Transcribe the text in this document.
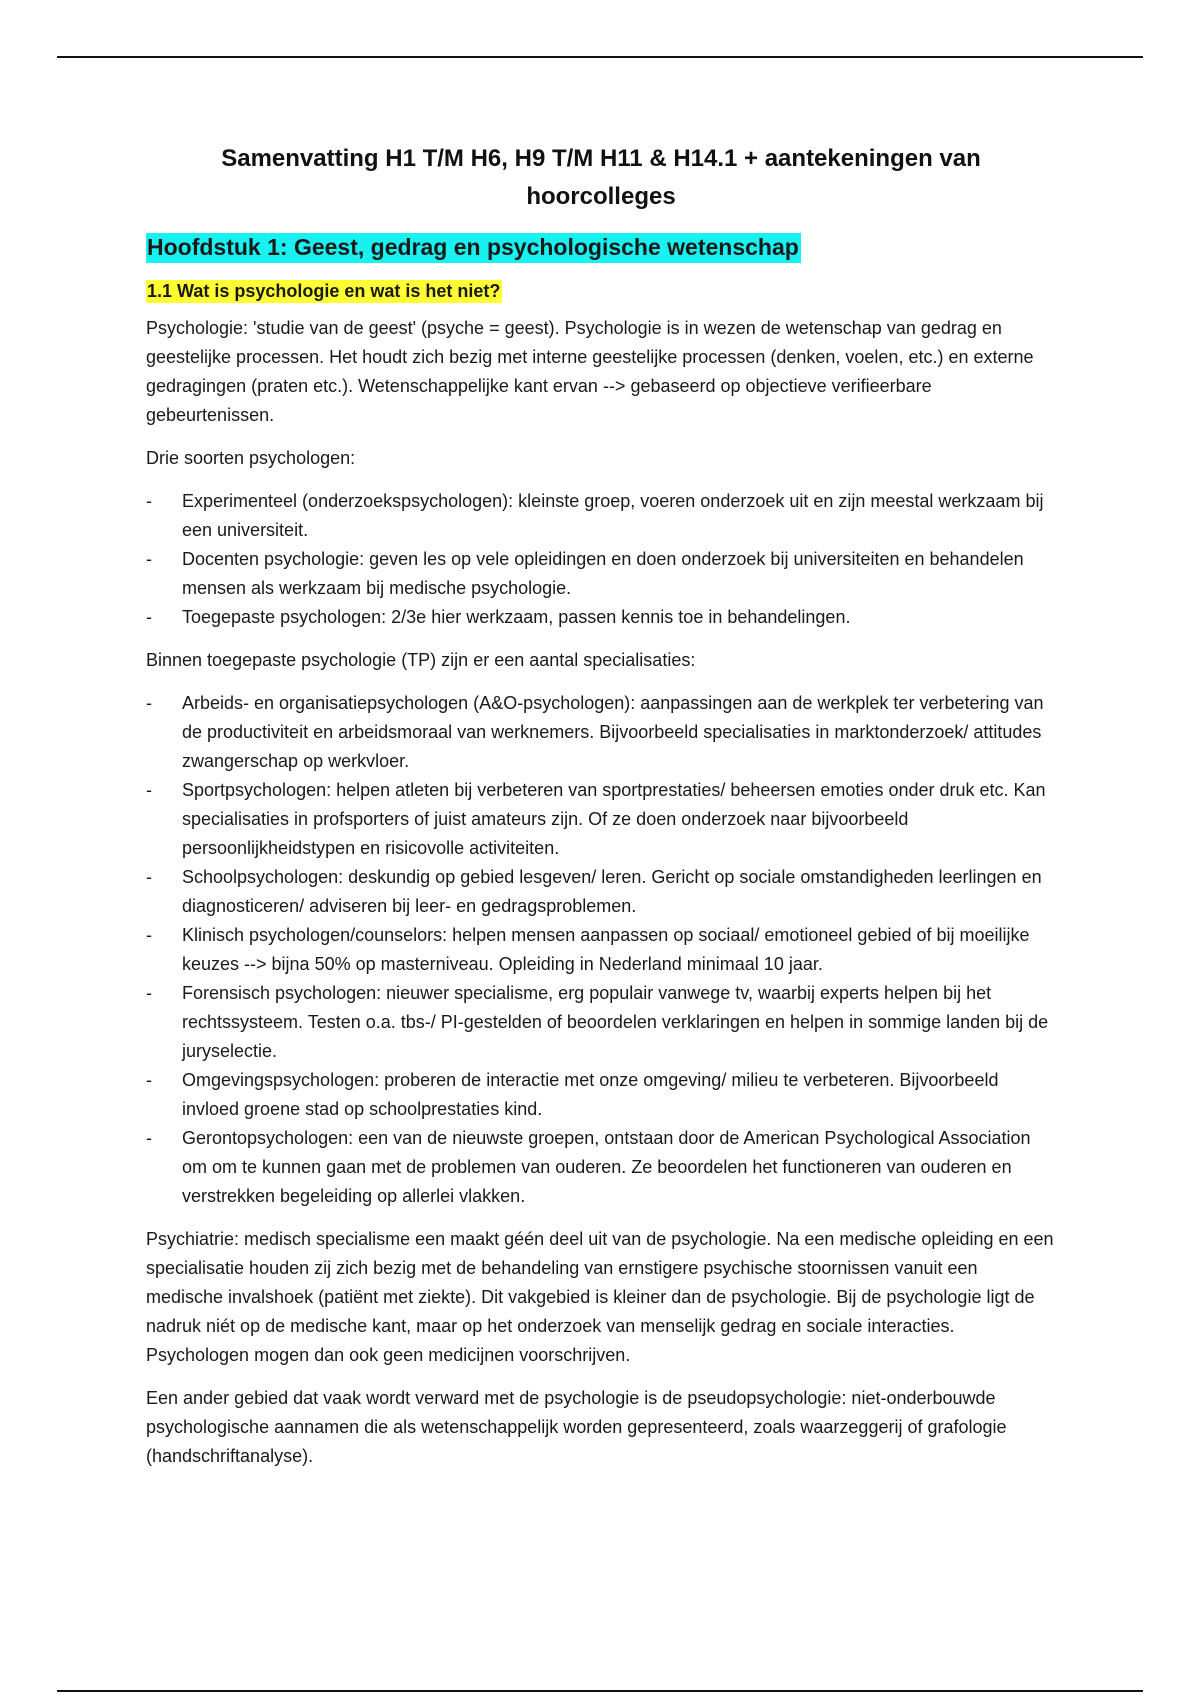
Samenvatting H1 T/M H6, H9 T/M H11 & H14.1 + aantekeningen van hoorcolleges
Hoofdstuk 1: Geest, gedrag en psychologische wetenschap
1.1 Wat is psychologie en wat is het niet?

Psychologie: 'studie van de geest' (psyche = geest). Psychologie is in wezen de wetenschap van gedrag en geestelijke processen. Het houdt zich bezig met interne geestelijke processen (denken, voelen, etc.) en externe gedragingen (praten etc.). Wetenschappelijke kant ervan --> gebaseerd op objectieve verifieerbare gebeurtenissen.

Drie soorten psychologen:

- Experimenteel (onderzoekspsychologen): kleinste groep, voeren onderzoek uit en zijn meestal werkzaam bij een universiteit.
- Docenten psychologie: geven les op vele opleidingen en doen onderzoek bij universiteiten en behandelen mensen als werkzaam bij medische psychologie.
- Toegepaste psychologen: 2/3e hier werkzaam, passen kennis toe in behandelingen.

Binnen toegepaste psychologie (TP) zijn er een aantal specialisaties:

- Arbeids- en organisatiepsychologen (A&O-psychologen): aanpassingen aan de werkplek ter verbetering van de productiviteit en arbeidsmoraal van werknemers. Bijvoorbeeld specialisaties in marktonderzoek/ attitudes zwangerschap op werkvloer.
- Sportpsychologen: helpen atleten bij verbeteren van sportprestaties/ beheersen emoties onder druk etc. Kan specialisaties in profsporters of juist amateurs zijn. Of ze doen onderzoek naar bijvoorbeeld persoonlijkheidstypen en risicovolle activiteiten.
- Schoolpsychologen: deskundig op gebied lesgeven/ leren. Gericht op sociale omstandigheden leerlingen en diagnosticeren/ adviseren bij leer- en gedragsproblemen.
- Klinisch psychologen/counselors: helpen mensen aanpassen op sociaal/ emotioneel gebied of bij moeilijke keuzes --> bijna 50% op masterniveau. Opleiding in Nederland minimaal 10 jaar.
- Forensisch psychologen: nieuwer specialisme, erg populair vanwege tv, waarbij experts helpen bij het rechtssysteem. Testen o.a. tbs-/ PI-gestelden of beoordelen verklaringen en helpen in sommige landen bij de juryselectie.
- Omgevingspsychologen: proberen de interactie met onze omgeving/ milieu te verbeteren. Bijvoorbeeld invloed groene stad op schoolprestaties kind.
- Gerontopsychologen: een van de nieuwste groepen, ontstaan door de American Psychological Association om om te kunnen gaan met de problemen van ouderen. Ze beoordelen het functioneren van ouderen en verstrekken begeleiding op allerlei vlakken.

Psychiatrie: medisch specialisme een maakt géén deel uit van de psychologie. Na een medische opleiding en een specialisatie houden zij zich bezig met de behandeling van ernstigere psychische stoornissen vanuit een medische invalshoek (patiënt met ziekte). Dit vakgebied is kleiner dan de psychologie. Bij de psychologie ligt de nadruk niét op de medische kant, maar op het onderzoek van menselijk gedrag en sociale interacties. Psychologen mogen dan ook geen medicijnen voorschrijven.

Een ander gebied dat vaak wordt verward met de psychologie is de pseudopsychologie: niet-onderbouwde psychologische aannamen die als wetenschappelijk worden gepresenteerd, zoals waarzeggerij of grafologie (handschriftanalyse).
